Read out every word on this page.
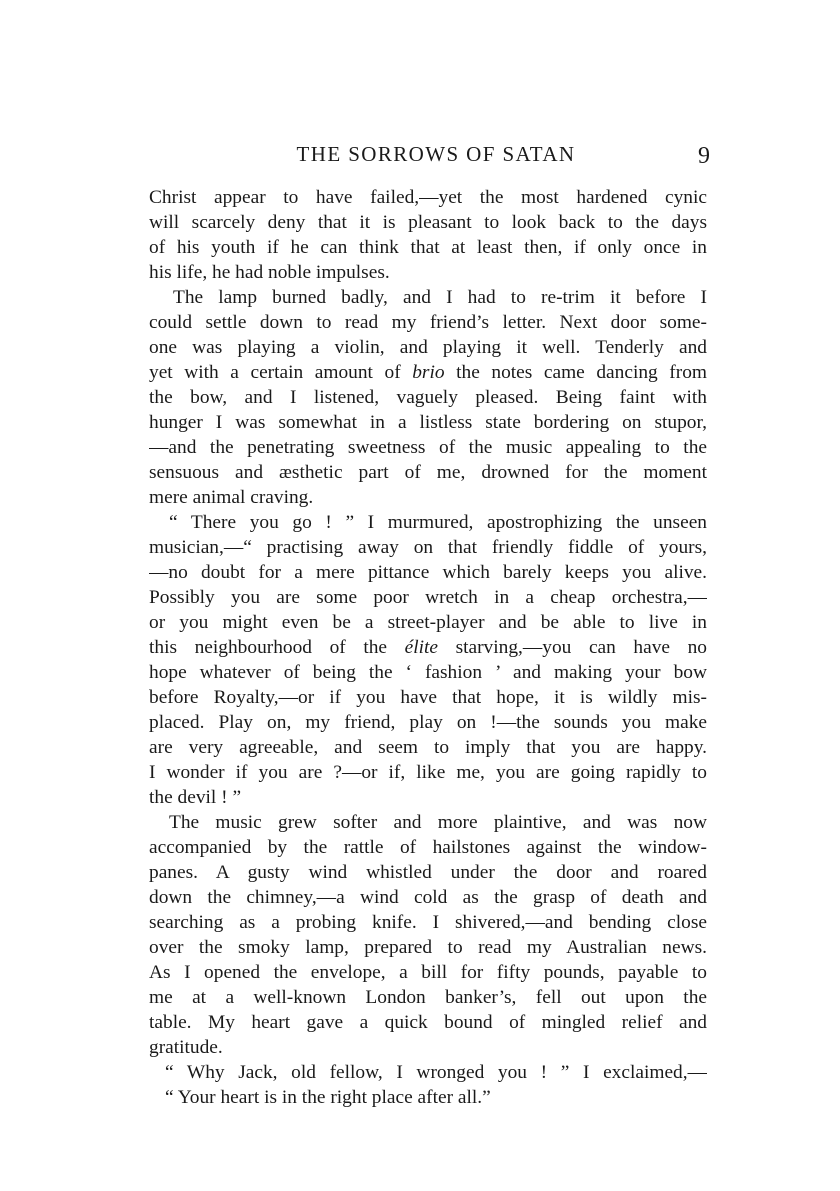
THE SORROWS OF SATAN	9
Christ appear to have failed,—yet the most hardened cynic
will scarcely deny that it is pleasant to look back to the days
of his youth if he can think that at least then, if only once in
his life, he had noble impulses.
The lamp burned badly, and I had to re-trim it before I
could settle down to read my friend’s letter. Next door some-
one was playing a violin, and playing it well. Tenderly and
yet with a certain amount of brio the notes came dancing from
the bow, and I listened, vaguely pleased. Being faint with
hunger I was somewhat in a listless state bordering on stupor,
—and the penetrating sweetness of the music appealing to the
sensuous and æsthetic part of me, drowned for the moment
mere animal craving.
“ There you go ! ” I murmured, apostrophizing the unseen
musician,—“ practising away on that friendly fiddle of yours,
—no doubt for a mere pittance which barely keeps you alive.
Possibly you are some poor wretch in a cheap orchestra,—
or you might even be a street-player and be able to live in
this neighbourhood of the élite starving,—you can have no
hope whatever of being the ‘ fashion ’ and making your bow
before Royalty,—or if you have that hope, it is wildly mis-
placed. Play on, my friend, play on !—the sounds you make
are very agreeable, and seem to imply that you are happy.
I wonder if you are ?—or if, like me, you are going rapidly to
the devil ! ”
The music grew softer and more plaintive, and was now
accompanied by the rattle of hailstones against the window-
panes. A gusty wind whistled under the door and roared
down the chimney,—a wind cold as the grasp of death and
searching as a probing knife. I shivered,—and bending close
over the smoky lamp, prepared to read my Australian news.
As I opened the envelope, a bill for fifty pounds, payable to
me at a well-known London banker’s, fell out upon the
table. My heart gave a quick bound of mingled relief and
gratitude.
“ Why Jack, old fellow, I wronged you ! ” I exclaimed,—
“ Your heart is in the right place after all.”
